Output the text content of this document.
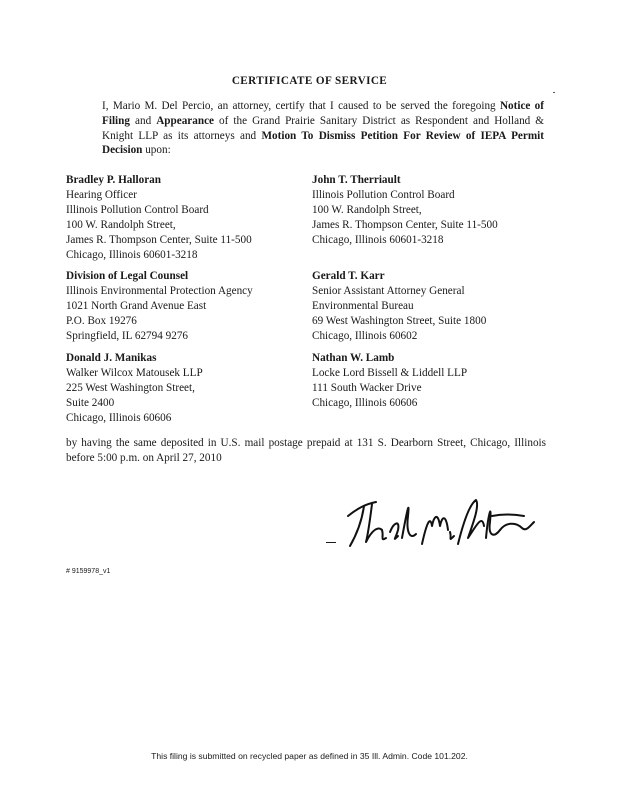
CERTIFICATE OF SERVICE
I, Mario M. Del Percio, an attorney, certify that I caused to be served the foregoing Notice of Filing and Appearance of the Grand Prairie Sanitary District as Respondent and Holland & Knight LLP as its attorneys and Motion To Dismiss Petition For Review of IEPA Permit Decision upon:
Bradley P. Halloran
Hearing Officer
Illinois Pollution Control Board
100 W. Randolph Street,
James R. Thompson Center, Suite 11-500
Chicago, Illinois 60601-3218
John T. Therriault
Illinois Pollution Control Board
100 W. Randolph Street,
James R. Thompson Center, Suite 11-500
Chicago, Illinois 60601-3218
Division of Legal Counsel
Illinois Environmental Protection Agency
1021 North Grand Avenue East
P.O. Box 19276
Springfield, IL 62794 9276
Gerald T. Karr
Senior Assistant Attorney General
Environmental Bureau
69 West Washington Street, Suite 1800
Chicago, Illinois 60602
Donald J. Manikas
Walker Wilcox Matousek LLP
225 West Washington Street,
Suite 2400
Chicago, Illinois 60606
Nathan W. Lamb
Locke Lord Bissell & Liddell LLP
111 South Wacker Drive
Chicago, Illinois 60606
by having the same deposited in U.S. mail postage prepaid at 131 S. Dearborn Street, Chicago, Illinois before 5:00 p.m. on April 27, 2010
# 9159978_v1
This filing is submitted on recycled paper as defined in 35 Ill. Admin. Code 101.202.
